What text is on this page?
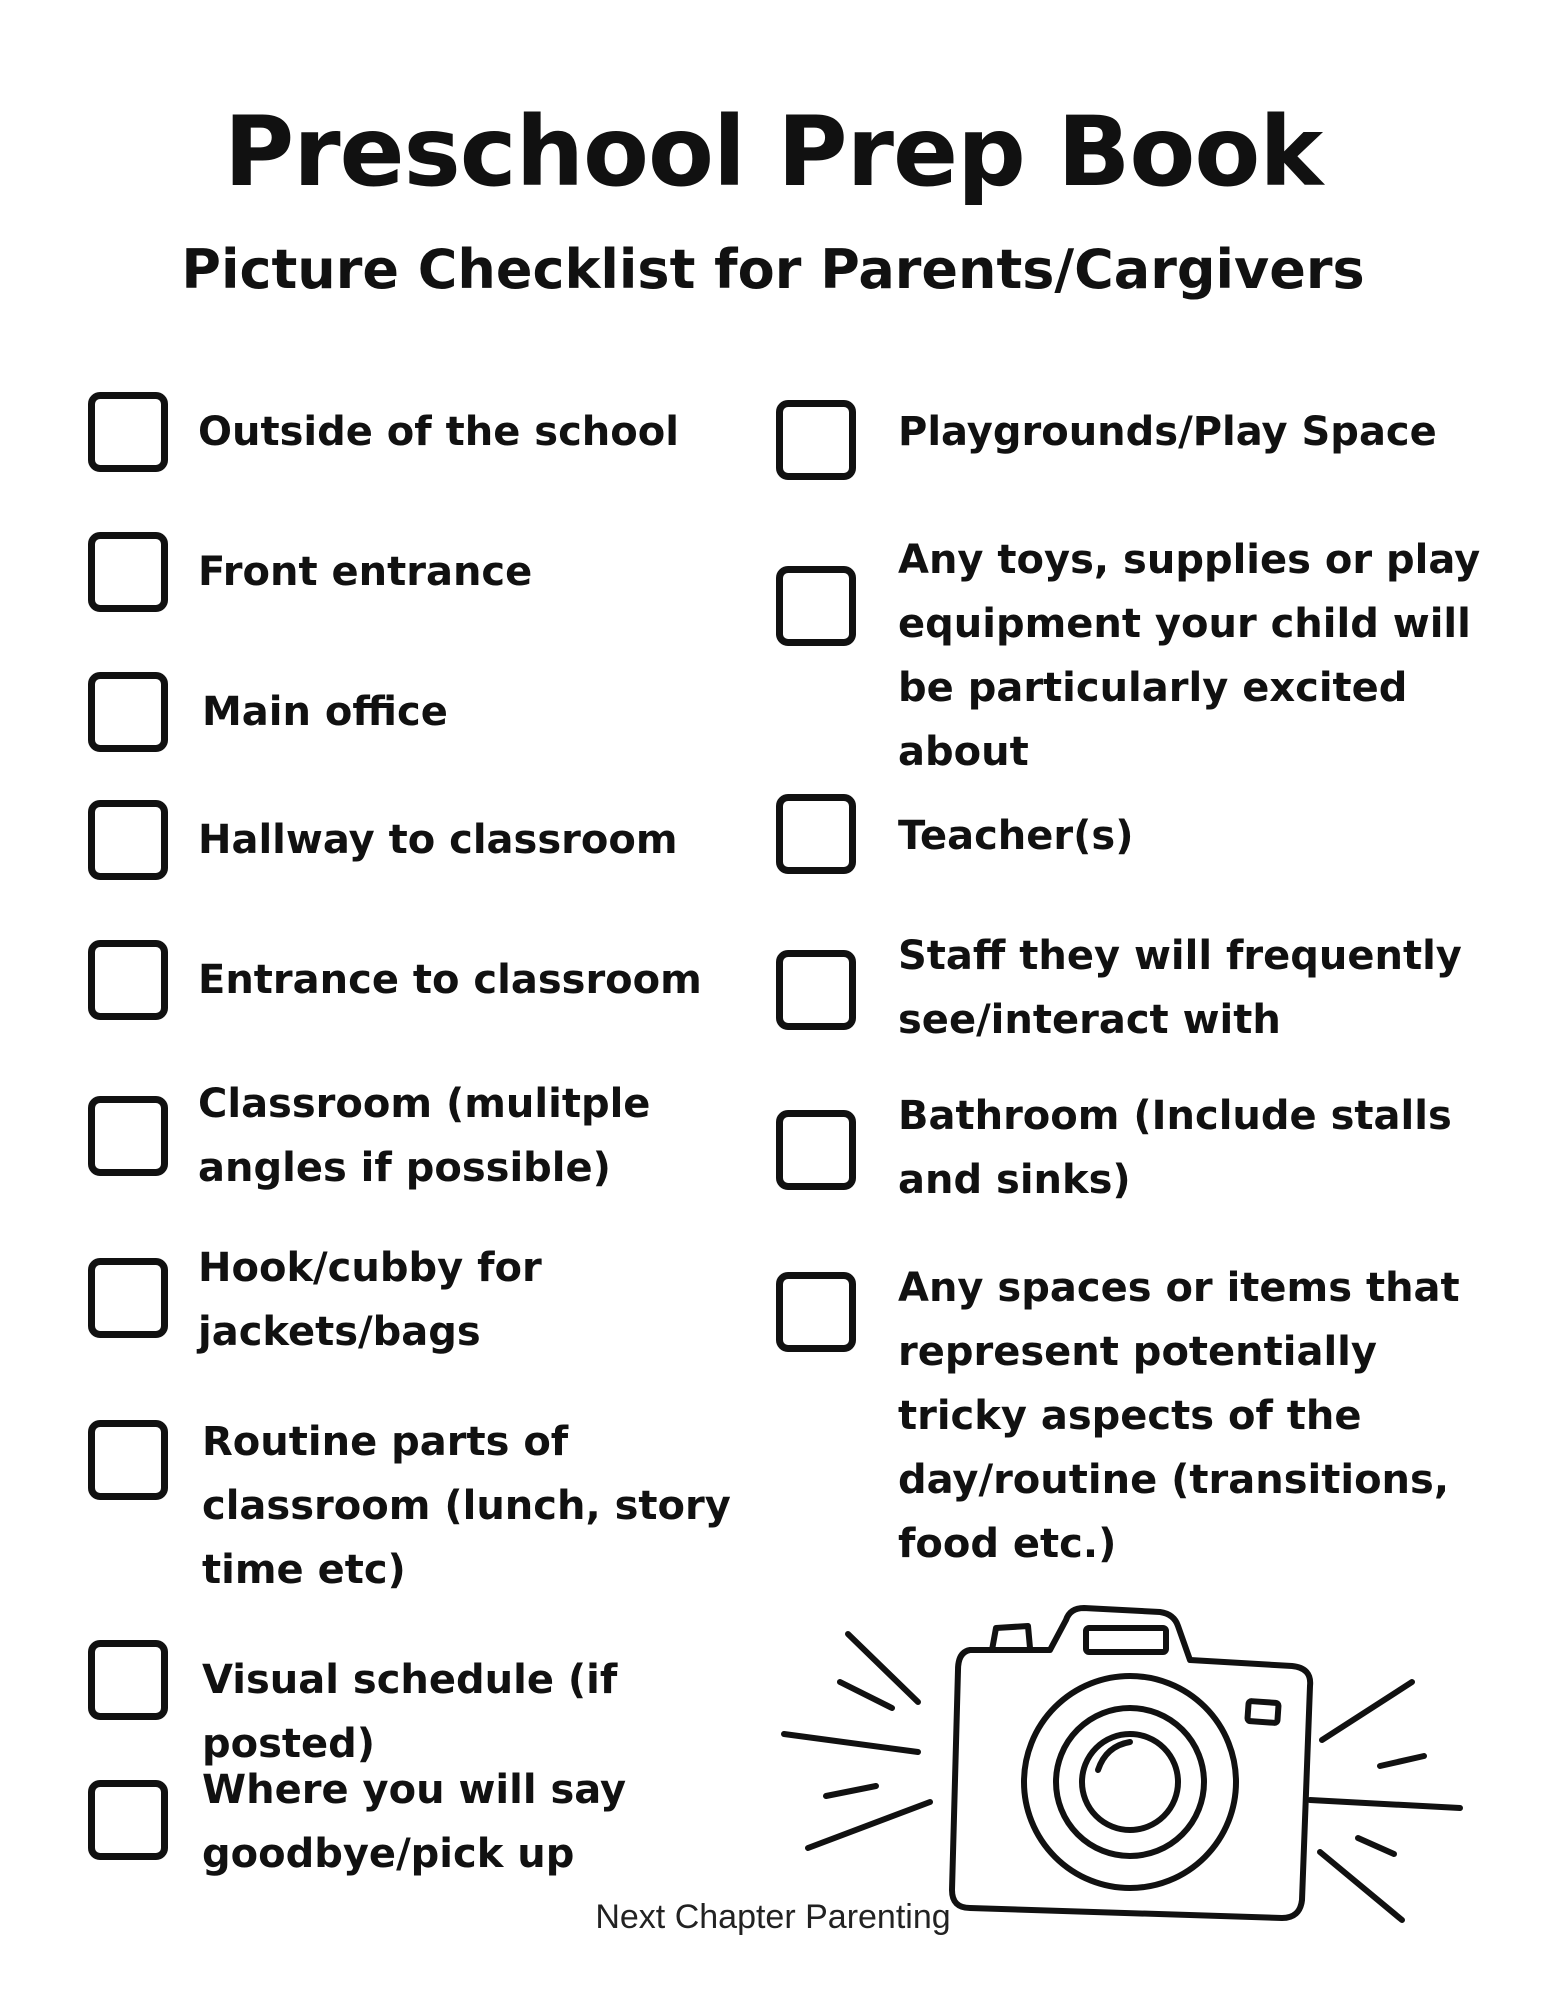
Preschool Prep Book
Picture Checklist for Parents/Cargivers
Outside of the school
Front entrance
Main office
Hallway to classroom
Entrance to classroom
Classroom (mulitple angles if possible)
Hook/cubby for jackets/bags
Routine parts of classroom (lunch, story time etc)
Visual schedule (if posted)
Where you will say goodbye/pick up
Playgrounds/Play Space
Any toys, supplies or play equipment your child will be particularly excited about
Teacher(s)
Staff they will frequently see/interact with
Bathroom (Include stalls and sinks)
Any spaces or items that represent potentially tricky aspects of the day/routine (transitions, food etc.)
Next Chapter Parenting
